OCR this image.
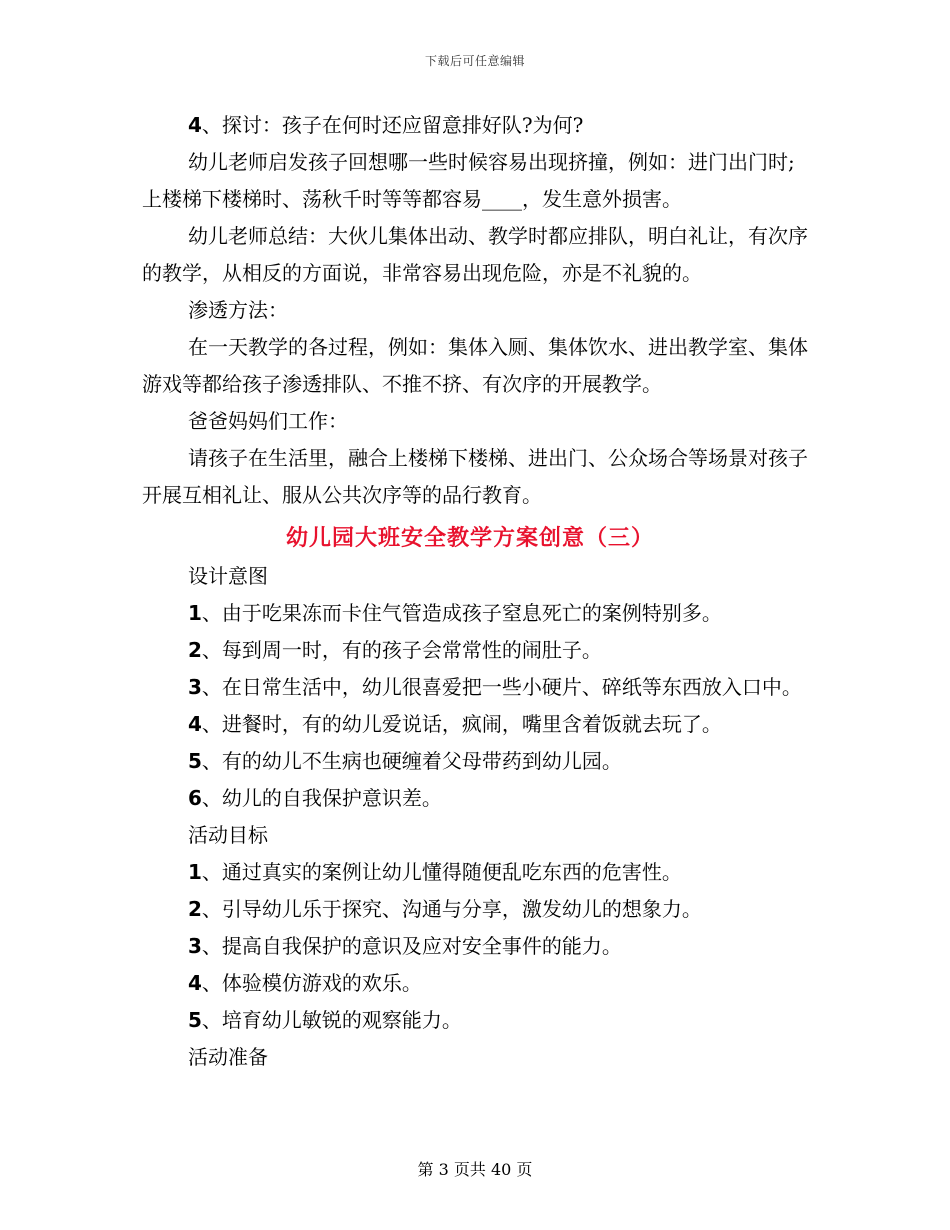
下载后可任意编辑

4、探讨：孩子在何时还应留意排好队?为何?

幼儿老师启发孩子回想哪一些时候容易出现挤撞，例如：进门出门时;上楼梯下楼梯时、荡秋千时等等都容易____，发生意外损害。

幼儿老师总结：大伙儿集体出动、教学时都应排队，明白礼让，有次序的教学，从相反的方面说，非常容易出现危险，亦是不礼貌的。

渗透方法：

在一天教学的各过程，例如：集体入厕、集体饮水、进出教学室、集体游戏等都给孩子渗透排队、不推不挤、有次序的开展教学。

爸爸妈妈们工作：

请孩子在生活里，融合上楼梯下楼梯、进出门、公众场合等场景对孩子开展互相礼让、服从公共次序等的品行教育。

幼儿园大班安全教学方案创意（三）

设计意图

1、由于吃果冻而卡住气管造成孩子窒息死亡的案例特别多。

2、每到周一时，有的孩子会常常性的闹肚子。

3、在日常生活中，幼儿很喜爱把一些小硬片、碎纸等东西放入口中。

4、进餐时，有的幼儿爱说话，疯闹，嘴里含着饭就去玩了。

5、有的幼儿不生病也硬缠着父母带药到幼儿园。

6、幼儿的自我保护意识差。

活动目标

1、通过真实的案例让幼儿懂得随便乱吃东西的危害性。

2、引导幼儿乐于探究、沟通与分享，激发幼儿的想象力。

3、提高自我保护的意识及应对安全事件的能力。

4、体验模仿游戏的欢乐。

5、培育幼儿敏锐的观察能力。

活动准备

第 3 页共 40 页
